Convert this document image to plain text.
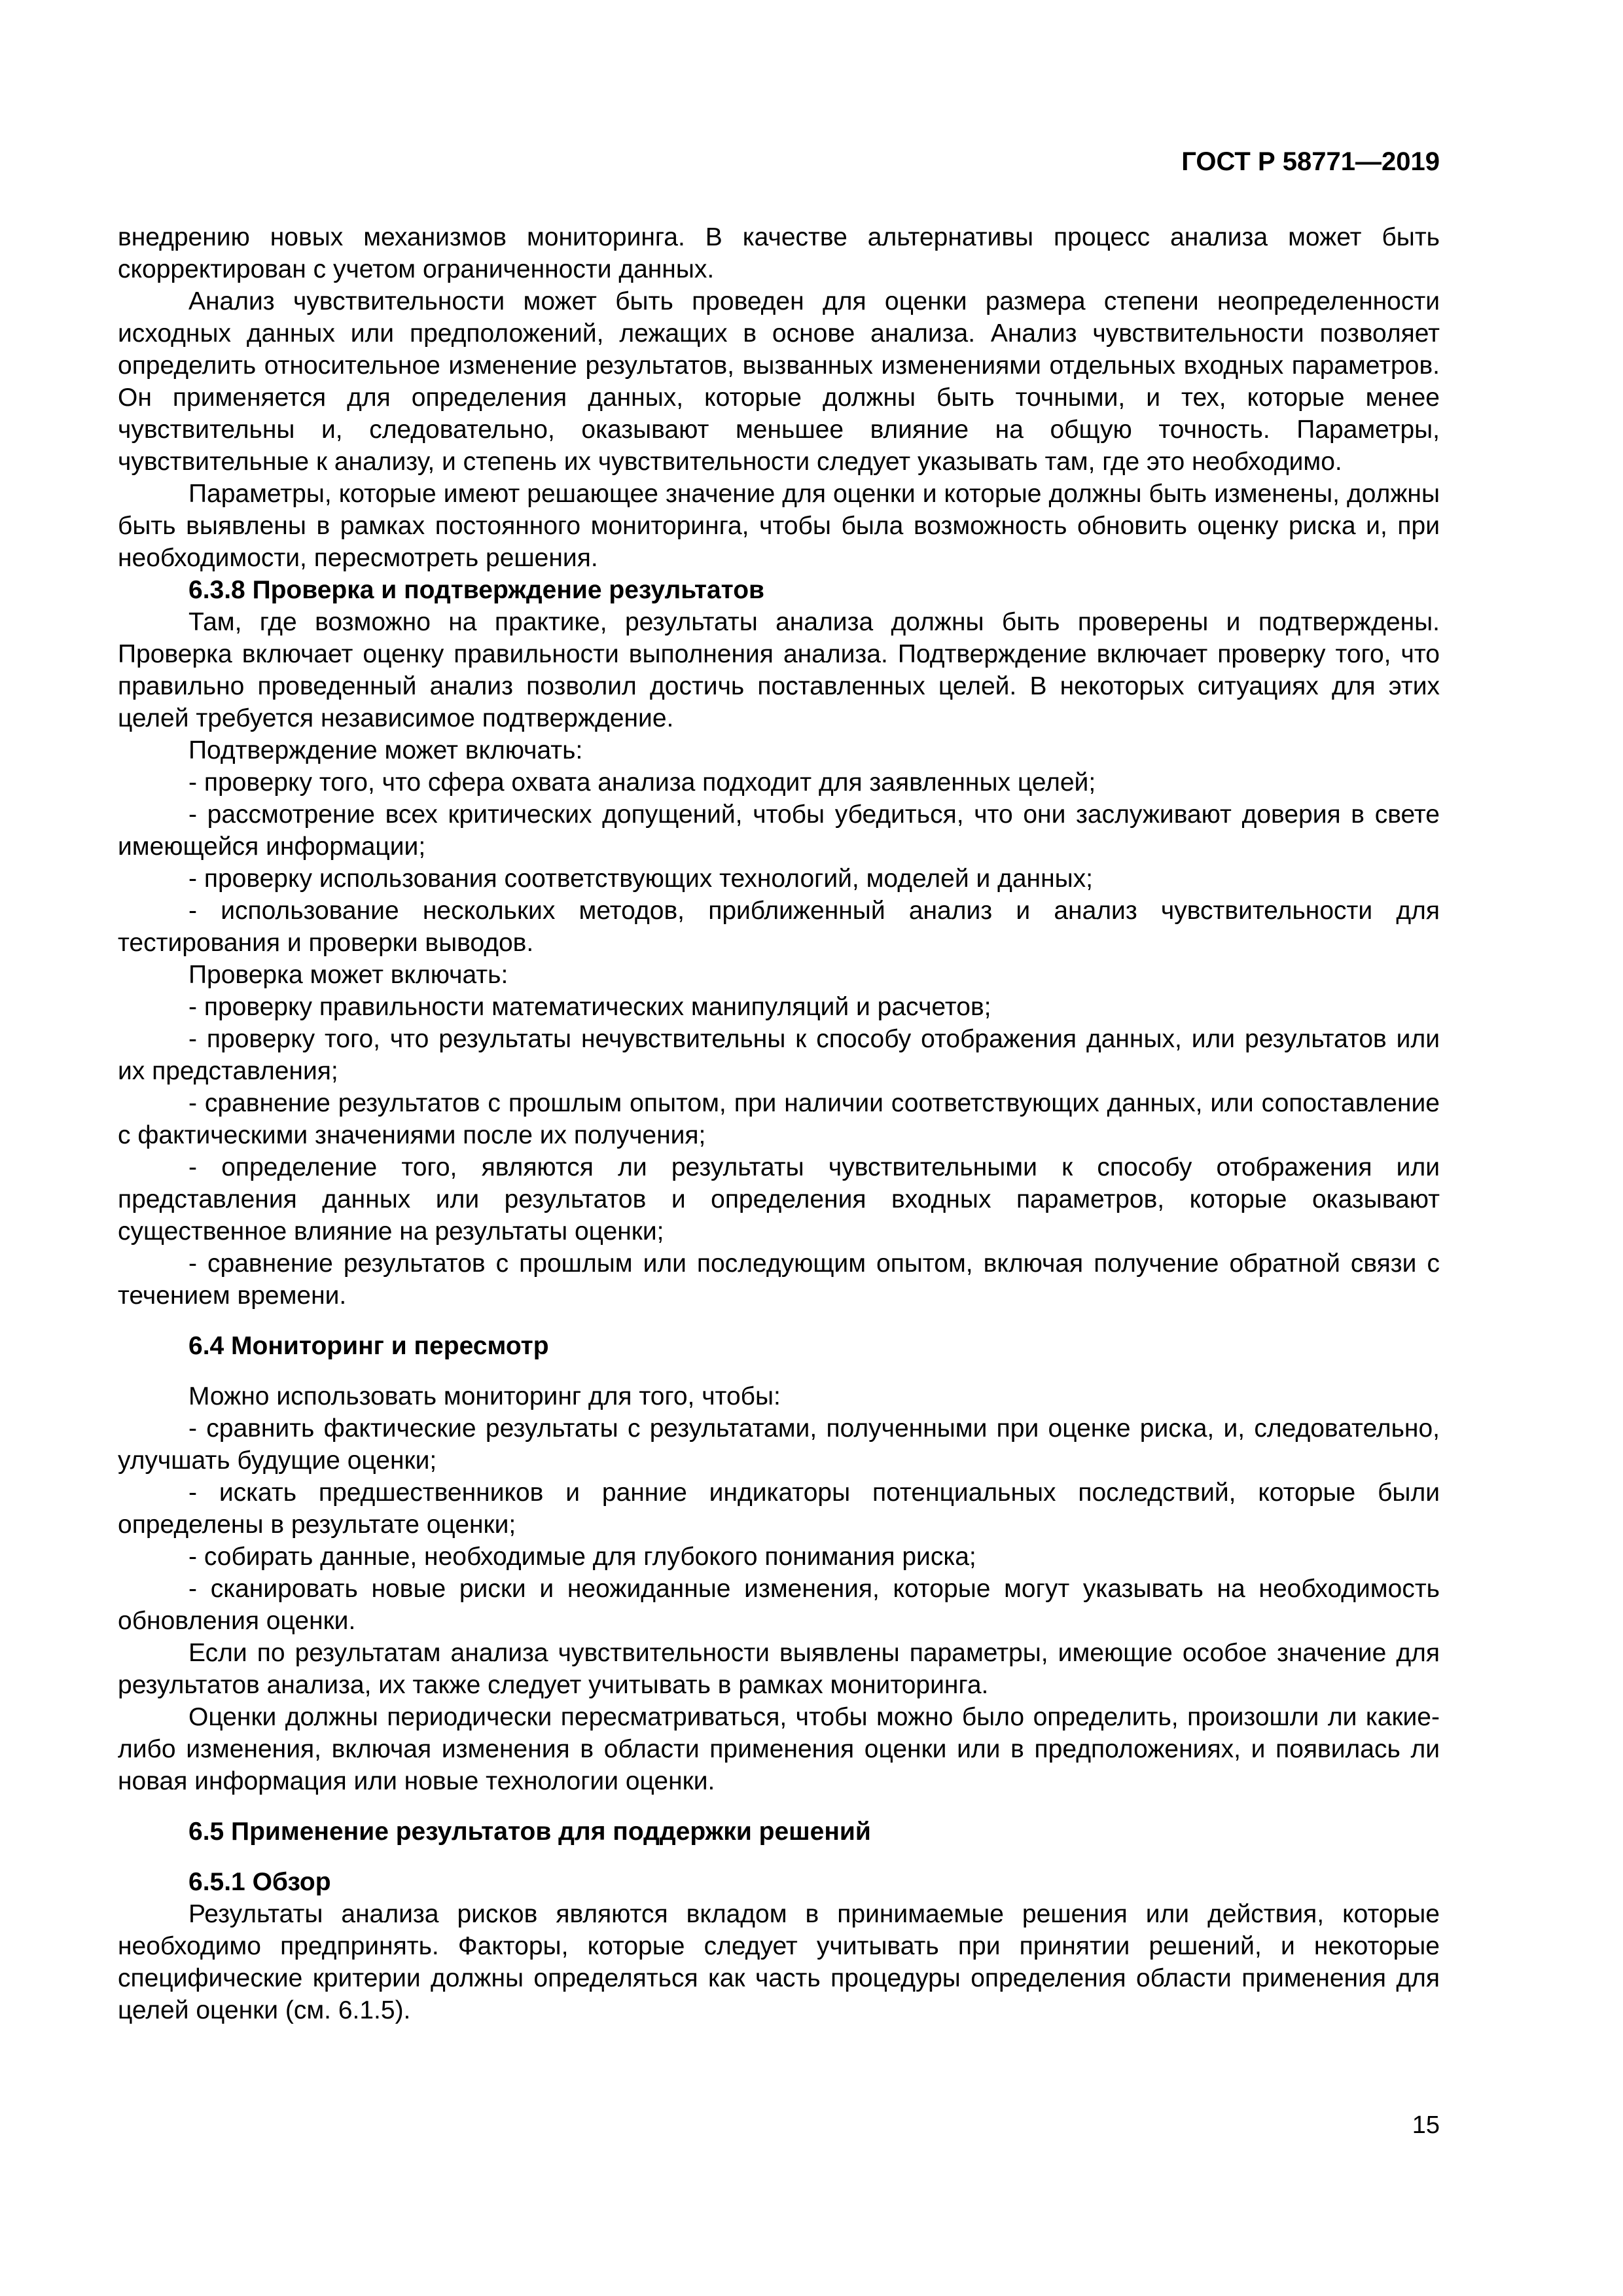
ГОСТ Р 58771—2019

внедрению новых механизмов мониторинга. В качестве альтернативы процесс анализа может быть скорректирован с учетом ограниченности данных.

Анализ чувствительности может быть проведен для оценки размера степени неопределенности исходных данных или предположений, лежащих в основе анализа. Анализ чувствительности позволяет определить относительное изменение результатов, вызванных изменениями отдельных входных параметров. Он применяется для определения данных, которые должны быть точными, и тех, которые менее чувствительны и, следовательно, оказывают меньшее влияние на общую точность. Параметры, чувствительные к анализу, и степень их чувствительности следует указывать там, где это необходимо.

Параметры, которые имеют решающее значение для оценки и которые должны быть изменены, должны быть выявлены в рамках постоянного мониторинга, чтобы была возможность обновить оценку риска и, при необходимости, пересмотреть решения.

6.3.8 Проверка и подтверждение результатов

Там, где возможно на практике, результаты анализа должны быть проверены и подтверждены. Проверка включает оценку правильности выполнения анализа. Подтверждение включает проверку того, что правильно проведенный анализ позволил достичь поставленных целей. В некоторых ситуациях для этих целей требуется независимое подтверждение.

Подтверждение может включать:

- проверку того, что сфера охвата анализа подходит для заявленных целей;

- рассмотрение всех критических допущений, чтобы убедиться, что они заслуживают доверия в свете имеющейся информации;

- проверку использования соответствующих технологий, моделей и данных;

- использование нескольких методов, приближенный анализ и анализ чувствительности для тестирования и проверки выводов.

Проверка может включать:

- проверку правильности математических манипуляций и расчетов;

- проверку того, что результаты нечувствительны к способу отображения данных, или результатов или их представления;

- сравнение результатов с прошлым опытом, при наличии соответствующих данных, или сопоставление с фактическими значениями после их получения;

- определение того, являются ли результаты чувствительными к способу отображения или представления данных или результатов и определения входных параметров, которые оказывают существенное влияние на результаты оценки;

- сравнение результатов с прошлым или последующим опытом, включая получение обратной связи с течением времени.

6.4 Мониторинг и пересмотр

Можно использовать мониторинг для того, чтобы:

- сравнить фактические результаты с результатами, полученными при оценке риска, и, следовательно, улучшать будущие оценки;

- искать предшественников и ранние индикаторы потенциальных последствий, которые были определены в результате оценки;

- собирать данные, необходимые для глубокого понимания риска;

- сканировать новые риски и неожиданные изменения, которые могут указывать на необходимость обновления оценки.

Если по результатам анализа чувствительности выявлены параметры, имеющие особое значение для результатов анализа, их также следует учитывать в рамках мониторинга.

Оценки должны периодически пересматриваться, чтобы можно было определить, произошли ли какие-либо изменения, включая изменения в области применения оценки или в предположениях, и появилась ли новая информация или новые технологии оценки.

6.5 Применение результатов для поддержки решений

6.5.1 Обзор

Результаты анализа рисков являются вкладом в принимаемые решения или действия, которые необходимо предпринять. Факторы, которые следует учитывать при принятии решений, и некоторые специфические критерии должны определяться как часть процедуры определения области применения для целей оценки (см. 6.1.5).

15
